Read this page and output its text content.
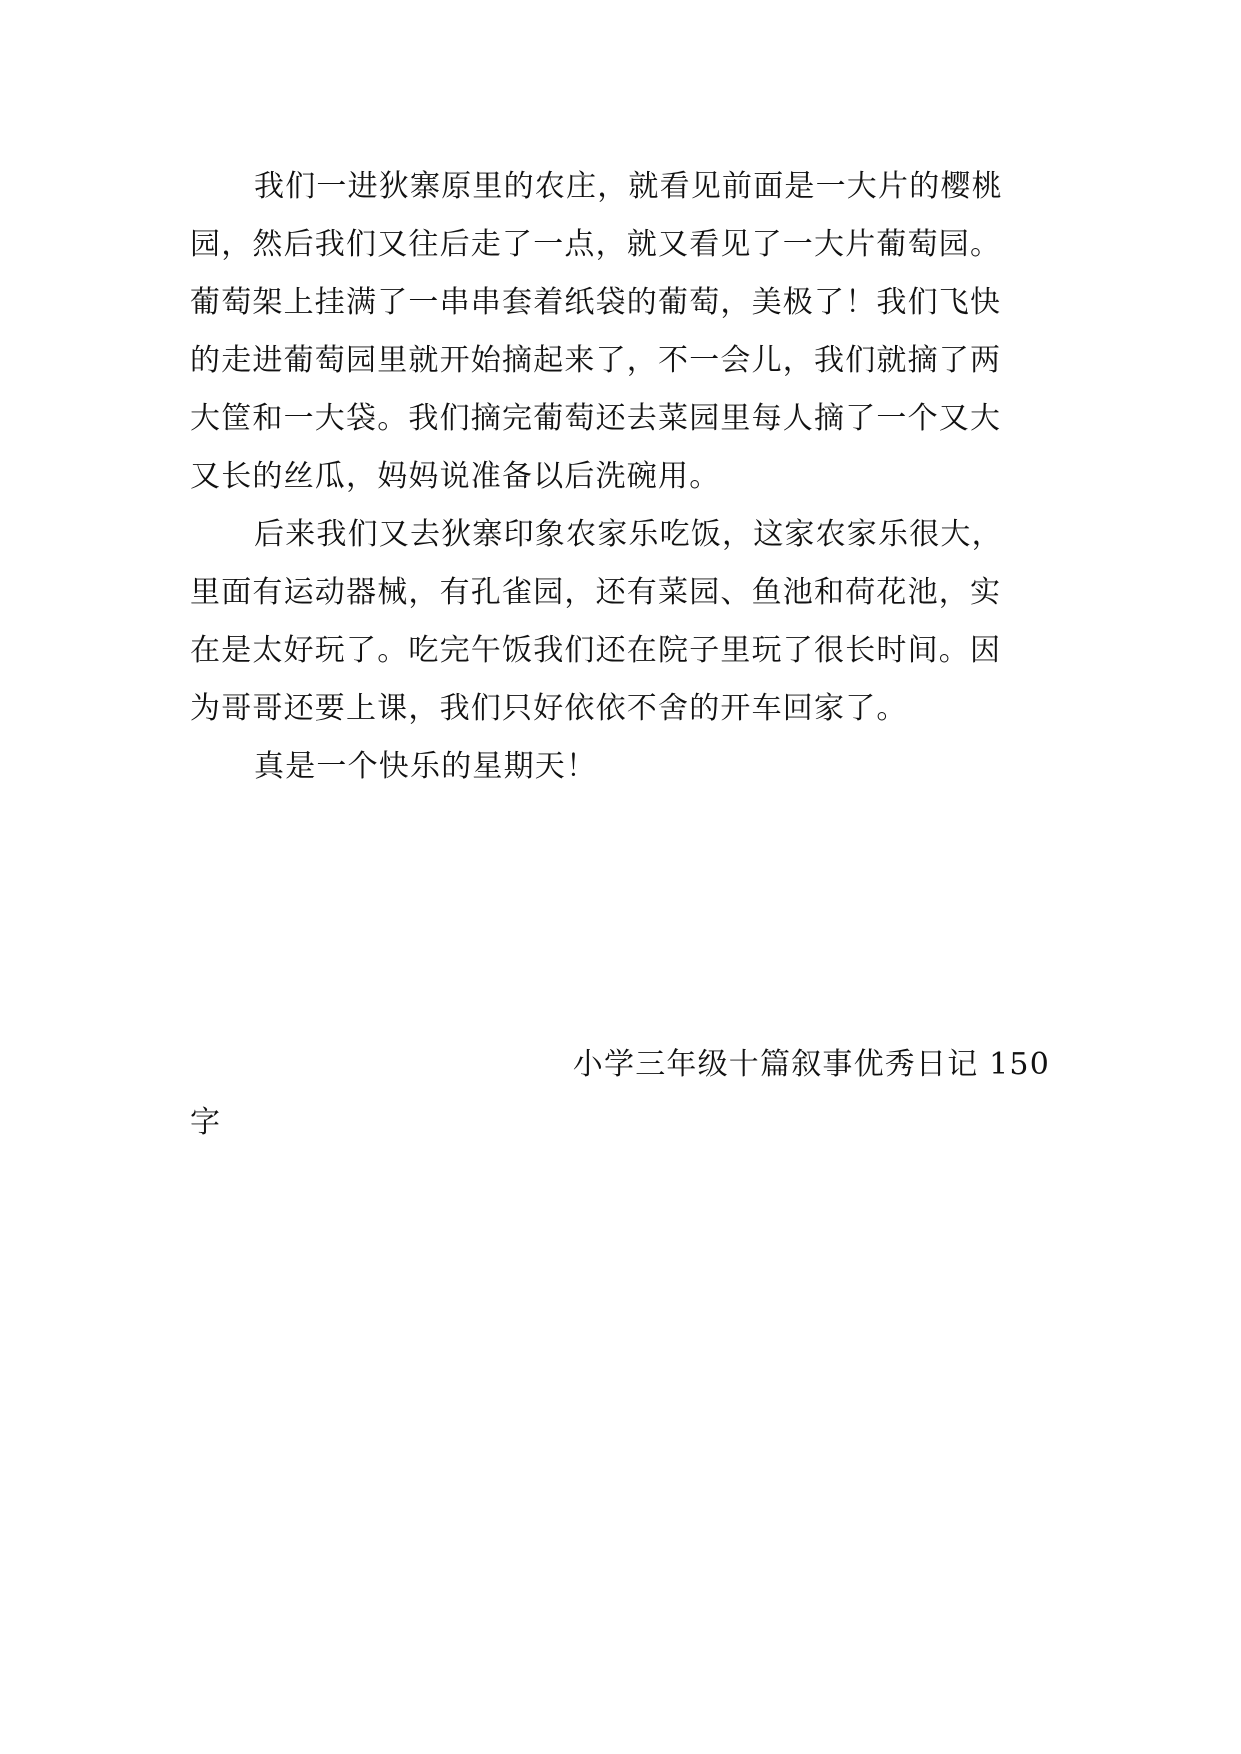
我们一进狄寨原里的农庄，就看见前面是一大片的樱桃
园，然后我们又往后走了一点，就又看见了一大片葡萄园。
葡萄架上挂满了一串串套着纸袋的葡萄，美极了！我们飞快
的走进葡萄园里就开始摘起来了，不一会儿，我们就摘了两
大筐和一大袋。我们摘完葡萄还去菜园里每人摘了一个又大
又长的丝瓜，妈妈说准备以后洗碗用。
后来我们又去狄寨印象农家乐吃饭，这家农家乐很大，
里面有运动器械，有孔雀园，还有菜园、鱼池和荷花池，实
在是太好玩了。吃完午饭我们还在院子里玩了很长时间。因
为哥哥还要上课，我们只好依依不舍的开车回家了。
真是一个快乐的星期天！
小学三年级十篇叙事优秀日记 150
字
